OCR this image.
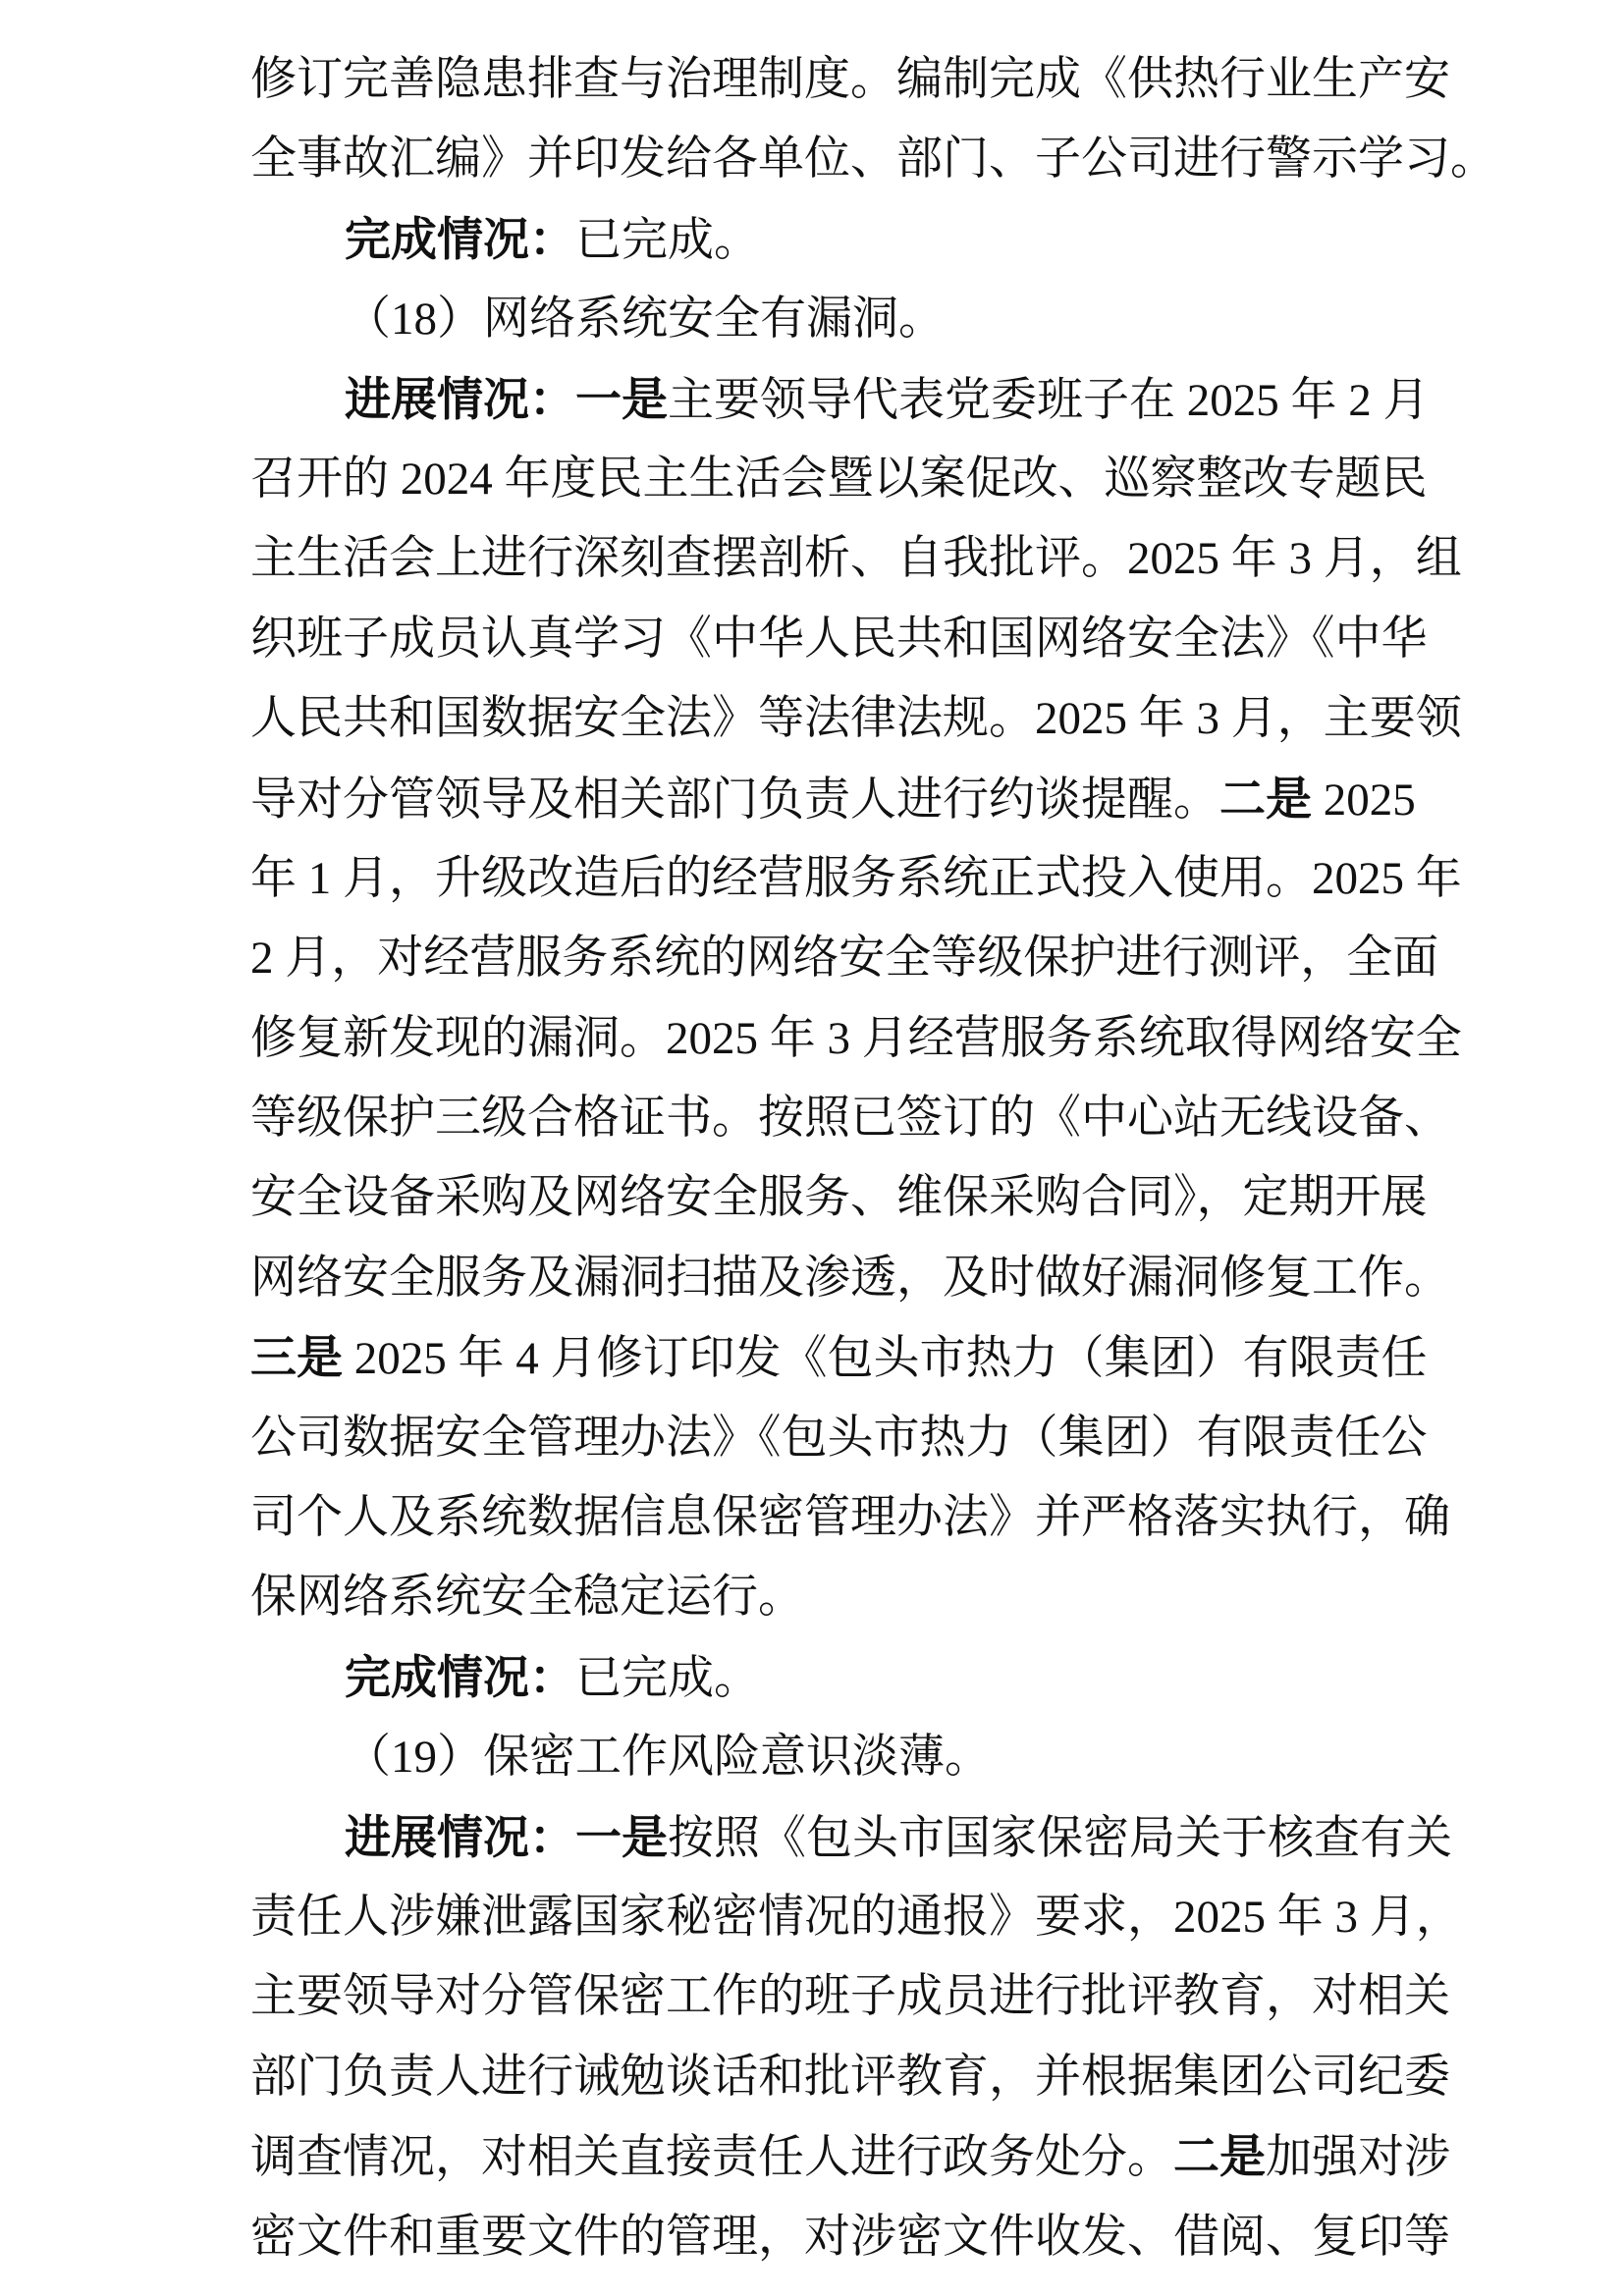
修订完善隐患排查与治理制度。编制完成《供热行业生产安
全事故汇编》并印发给各单位、部门、子公司进行警示学习。
完成情况：已完成。
（18）网络系统安全有漏洞。
进展情况：一是主要领导代表党委班子在 2025 年 2 月
召开的 2024 年度民主生活会暨以案促改、巡察整改专题民
主生活会上进行深刻查摆剖析、自我批评。2025 年 3 月，组
织班子成员认真学习《中华人民共和国网络安全法》《中华
人民共和国数据安全法》等法律法规。2025 年 3 月，主要领
导对分管领导及相关部门负责人进行约谈提醒。二是 2025
年 1 月，升级改造后的经营服务系统正式投入使用。2025 年
2 月，对经营服务系统的网络安全等级保护进行测评，全面
修复新发现的漏洞。2025 年 3 月经营服务系统取得网络安全
等级保护三级合格证书。按照已签订的《中心站无线设备、
安全设备采购及网络安全服务、维保采购合同》，定期开展
网络安全服务及漏洞扫描及渗透，及时做好漏洞修复工作。
三是 2025 年 4 月修订印发《包头市热力（集团）有限责任
公司数据安全管理办法》《包头市热力（集团）有限责任公
司个人及系统数据信息保密管理办法》并严格落实执行，确
保网络系统安全稳定运行。
完成情况：已完成。
（19）保密工作风险意识淡薄。
进展情况：一是按照《包头市国家保密局关于核查有关
责任人涉嫌泄露国家秘密情况的通报》要求，2025 年 3 月，
主要领导对分管保密工作的班子成员进行批评教育，对相关
部门负责人进行诫勉谈话和批评教育，并根据集团公司纪委
调查情况，对相关直接责任人进行政务处分。二是加强对涉
密文件和重要文件的管理，对涉密文件收发、借阅、复印等
